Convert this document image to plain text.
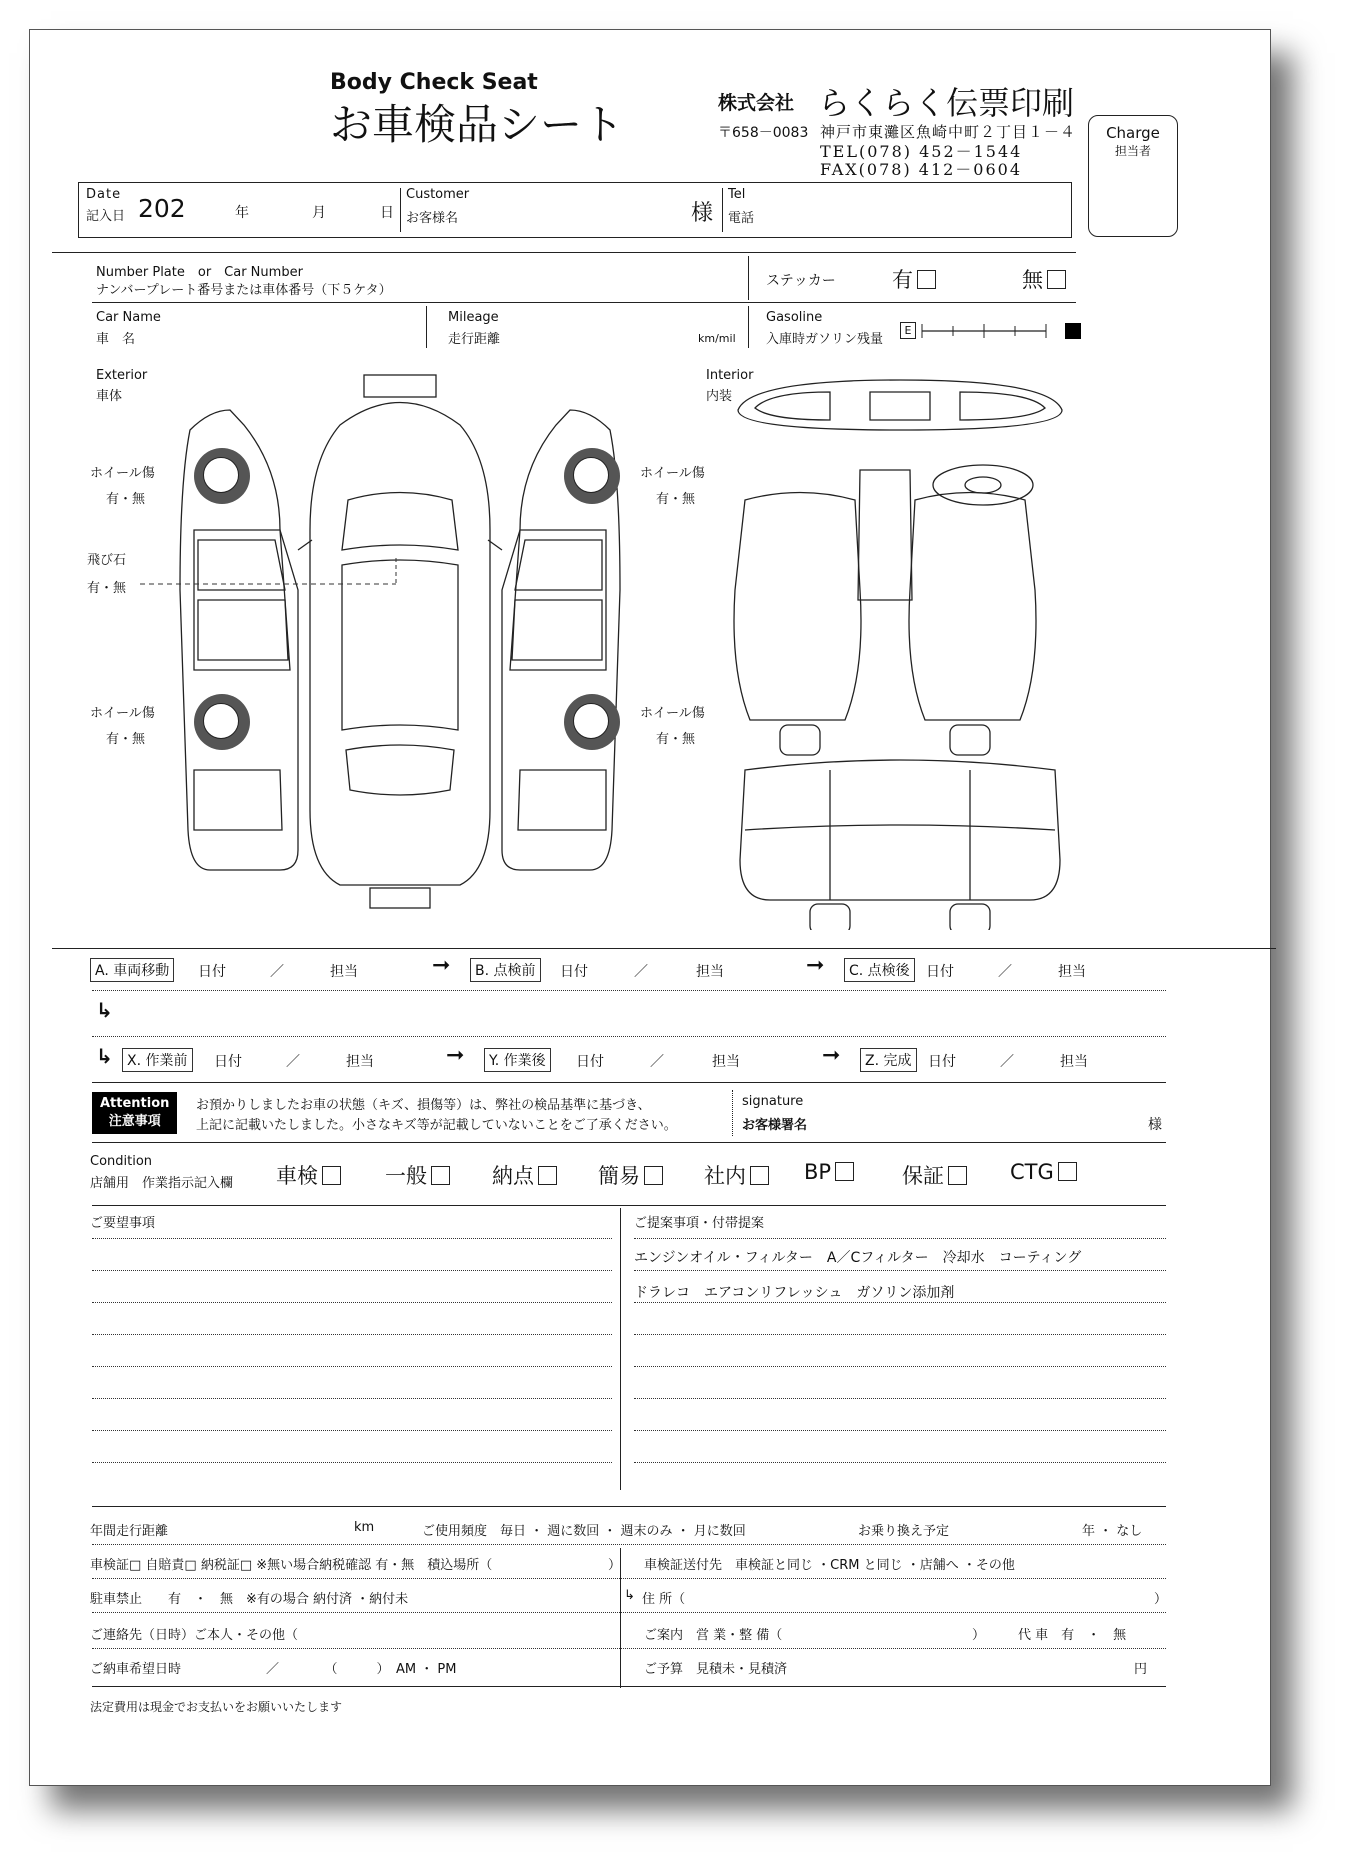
Body Check Seat
お車検品シート	株式会社 らくらく伝票印刷
〒658－0083 神戸市東灘区魚崎中町２丁目１－４
TEL(078) 452－1544
FAX(078) 412－0604
Charge
担当者
Date
記入日 202	年	月	日
Customer
お客様名	様
Tel
電話
Number Plate　or　Car Number
ナンバープレート番号または車体番号（下５ケタ）
ステッカー	有	無
Car Name
車　名
Mileage
走行距離	km/mil
Gasoline
入庫時ガソリン残量
E
Exterior
車体
Interior
内装
ホイール傷
有・無
ホイール傷
有・無
ホイール傷
有・無
ホイール傷
有・無
飛び石
有・無
A. 車両移動	日付	／	担当	➞	B. 点検前	日付	／	担当	➞	C. 点検後	日付	／	担当
↳
↳	X. 作業前	日付	／	担当	➞	Y. 作業後	日付	／	担当	➞	Z. 完成	日付	／	担当
Attention
注意事項
お預かりしましたお車の状態（キズ、損傷等）は、弊社の検品基準に基づき、
上記に記載いたしました。小さなキズ等が記載していないことをご了承ください。
signature
お客様署名	様
Condition
店舗用　作業指示記入欄 車検	一般	納点	簡易	社内	BP	保証	CTG
ご要望事項	ご提案事項・付帯提案
エンジンオイル・フィルター　A／Cフィルター　冷却水　コーティング
ドラレコ　エアコンリフレッシュ　ガソリン添加剤
年間走行距離	km	ご使用頻度　毎日 ・ 週に数回 ・ 週末のみ ・ 月に数回	お乗り換え予定	年 ・ なし
車検証□ 自賠責□ 納税証□ ※無い場合納税確認 有・無　積込場所（	） 車検証送付先　車検証と同じ ・CRM と同じ ・店舗へ ・その他
駐車禁止　　有　・　無　※有の場合 納付済 ・納付未	↳ 住 所（	）
ご連絡先（日時）ご本人・その他（	ご案内　営 業・整 備（	）	代 車　有　・　無
ご納車希望日時	／　　　　（　　　）　AM ・ PM	ご予算　見積未・見積済	円
法定費用は現金でお支払いをお願いいたします
